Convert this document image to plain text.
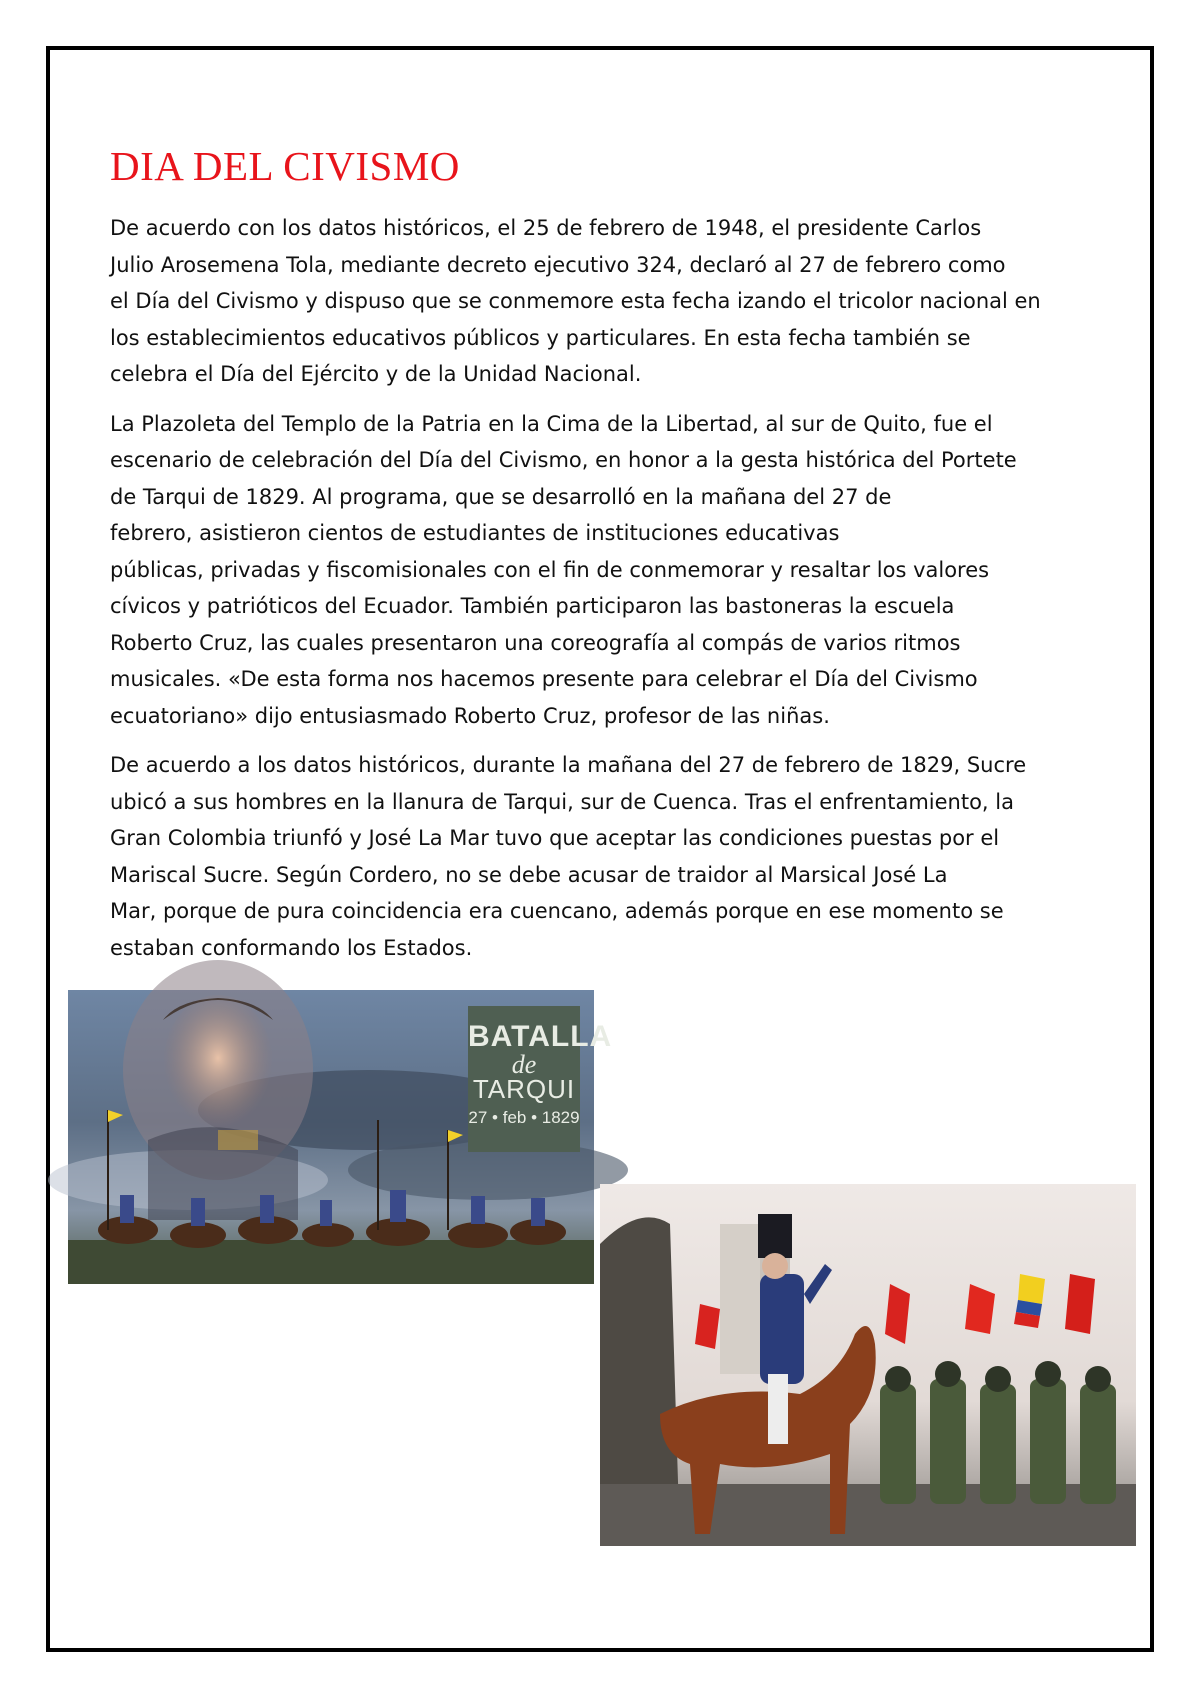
DIA DEL CIVISMO

De acuerdo con los datos históricos, el 25 de febrero de 1948, el presidente Carlos
Julio Arosemena Tola, mediante decreto ejecutivo 324, declaró al 27 de febrero como
el Día del Civismo y dispuso que se conmemore esta fecha izando el tricolor nacional en
los establecimientos educativos públicos y particulares. En esta fecha también se
celebra el Día del Ejército y de la Unidad Nacional.

La Plazoleta del Templo de la Patria en la Cima de la Libertad, al sur de Quito, fue el
escenario de celebración del Día del Civismo, en honor a la gesta histórica del Portete
de Tarqui de 1829. Al programa, que se desarrolló en la mañana del 27 de
febrero, asistieron cientos de estudiantes de instituciones educativas
públicas, privadas y fiscomisionales con el fin de conmemorar y resaltar los valores
cívicos y patrióticos del Ecuador. También participaron las bastoneras la escuela
Roberto Cruz, las cuales presentaron una coreografía al compás de varios ritmos
musicales. «De esta forma nos hacemos presente para celebrar el Día del Civismo
ecuatoriano» dijo entusiasmado Roberto Cruz, profesor de las niñas.

De acuerdo a los datos históricos, durante la mañana del 27 de febrero de 1829, Sucre
ubicó a sus hombres en la llanura de Tarqui, sur de Cuenca. Tras el enfrentamiento, la
Gran Colombia triunfó y José La Mar tuvo que aceptar las condiciones puestas por el
Mariscal Sucre. Según Cordero, no se debe acusar de traidor al Marsical José La
Mar, porque de pura coincidencia era cuencano, además porque en ese momento se
estaban conformando los Estados.

BATALLA
de
TARQUI
27 • feb • 1829
